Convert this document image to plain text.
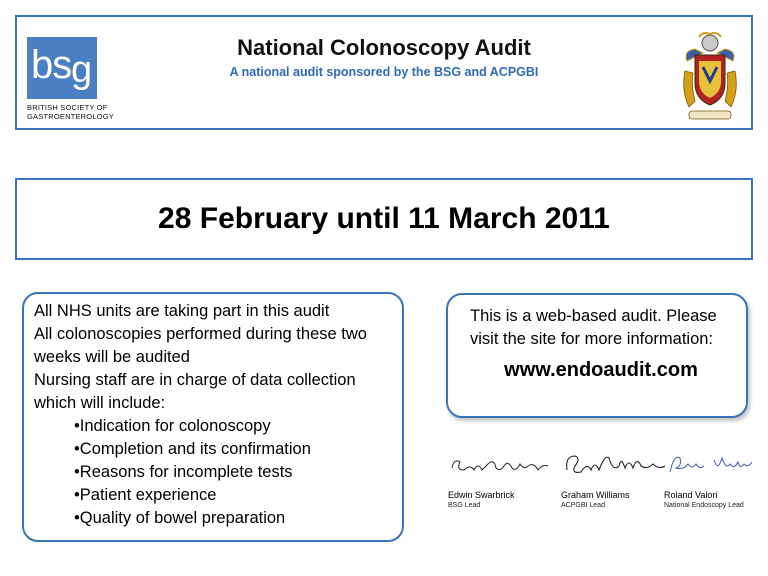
bs g
BRITISH SOCIETY OF
GASTROENTEROLOGY
National Colonoscopy Audit
A national audit sponsored by the BSG and ACPGBI
28 February until 11 March 2011
All NHS units are taking part in this audit
All colonoscopies performed during these two weeks will be audited
Nursing staff are in charge of data collection which will include:
• Indication for colonoscopy
• Completion and its confirmation
• Reasons for incomplete tests
• Patient experience
• Quality of bowel preparation
This is a web-based audit. Please visit the site for more information:
www.endoaudit.com
Edwin Swarbrick
BSG Lead
Graham Williams
ACPGBI Lead
Roland Valori
National Endoscopy Lead
